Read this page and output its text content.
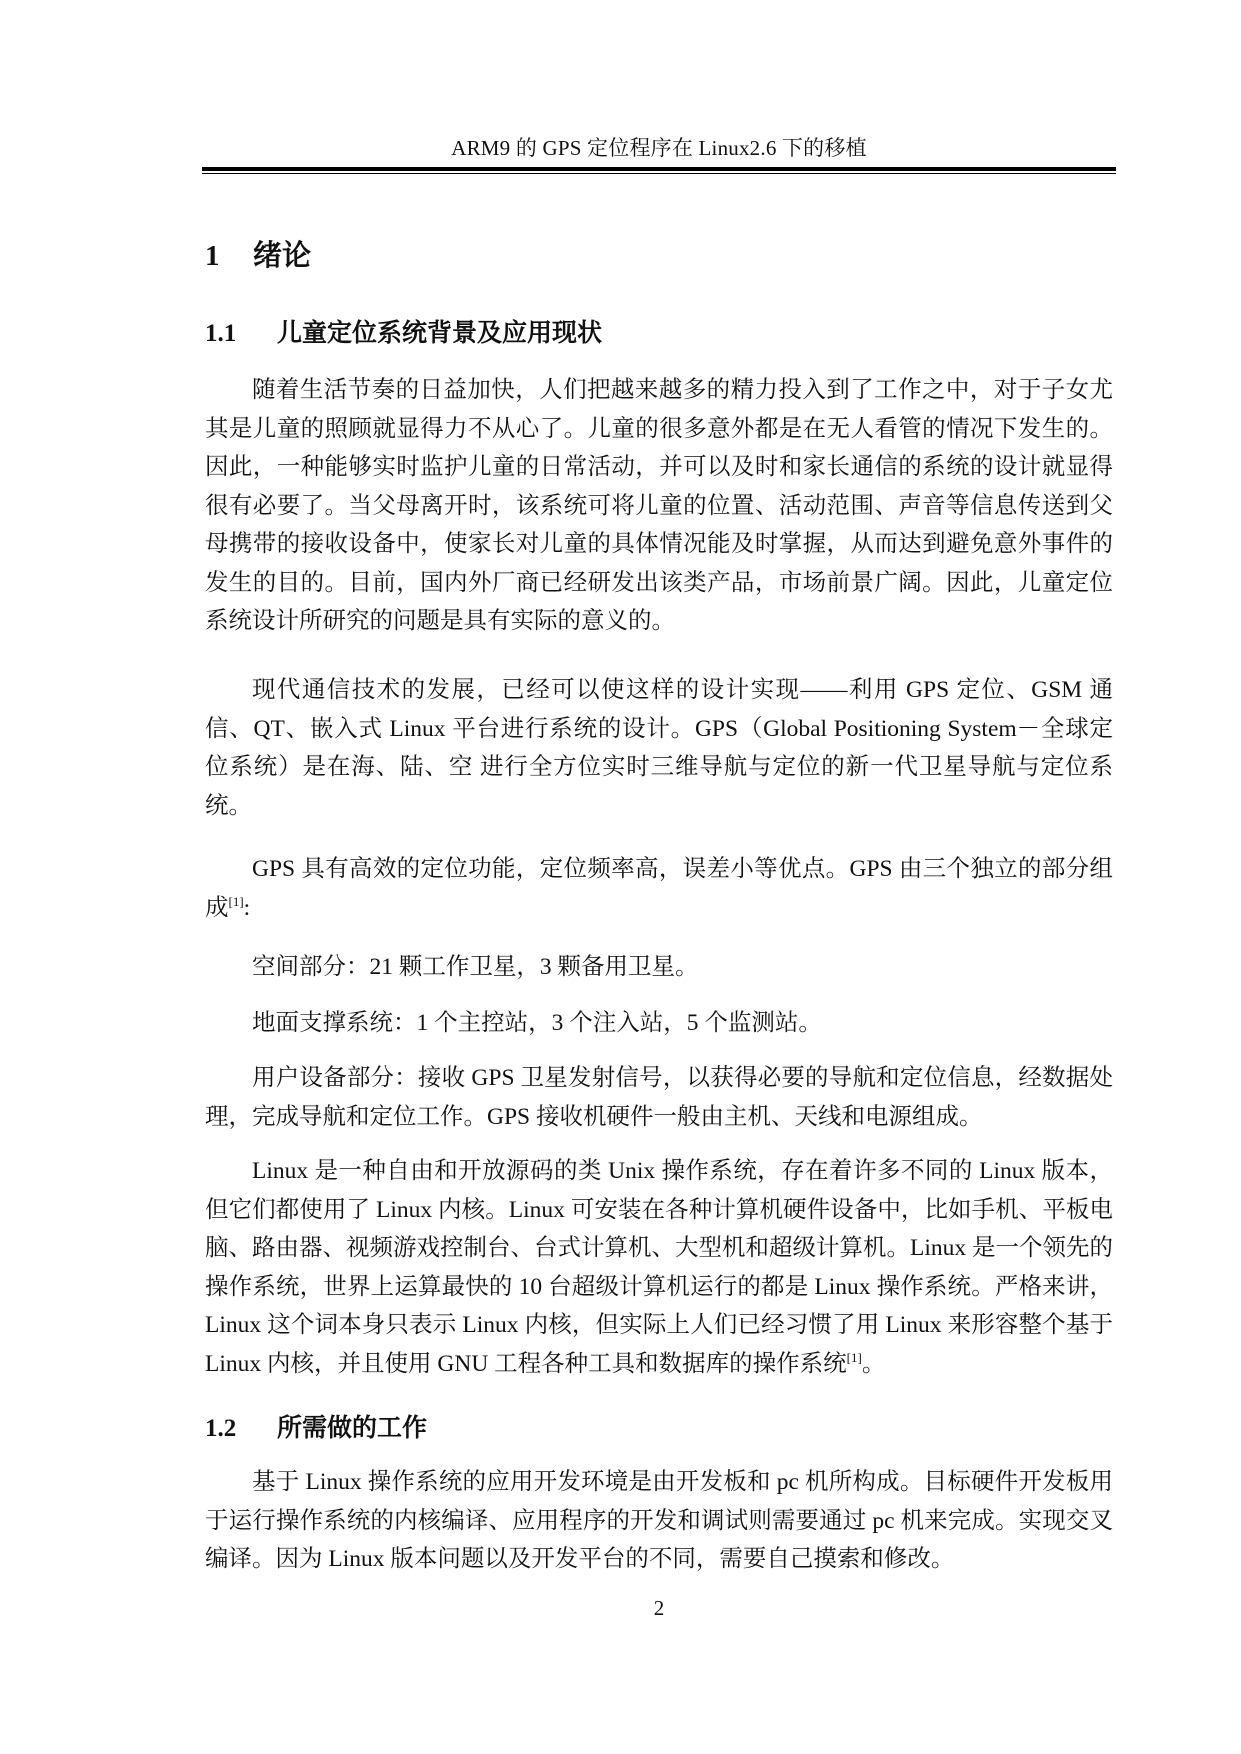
ARM9 的 GPS 定位程序在 Linux2.6 下的移植
1 绪论
1.1 儿童定位系统背景及应用现状

随着生活节奏的日益加快，人们把越来越多的精力投入到了工作之中，对于子女尤其是儿童的照顾就显得力不从心了。儿童的很多意外都是在无人看管的情况下发生的。因此，一种能够实时监护儿童的日常活动，并可以及时和家长通信的系统的设计就显得很有必要了。当父母离开时，该系统可将儿童的位置、活动范围、声音等信息传送到父母携带的接收设备中，使家长对儿童的具体情况能及时掌握，从而达到避免意外事件的发生的目的。目前，国内外厂商已经研发出该类产品，市场前景广阔。因此，儿童定位系统设计所研究的问题是具有实际的意义的。

现代通信技术的发展，已经可以使这样的设计实现——利用 GPS 定位、GSM 通信、QT、嵌入式 Linux 平台进行系统的设计。GPS（Global Positioning System－全球定位系统）是在海、陆、空 进行全方位实时三维导航与定位的新一代卫星导航与定位系统。

GPS 具有高效的定位功能，定位频率高，误差小等优点。GPS 由三个独立的部分组成[1]:

空间部分：21 颗工作卫星，3 颗备用卫星。

地面支撑系统：1 个主控站，3 个注入站，5 个监测站。

用户设备部分：接收 GPS 卫星发射信号，以获得必要的导航和定位信息，经数据处理，完成导航和定位工作。GPS 接收机硬件一般由主机、天线和电源组成。

Linux 是一种自由和开放源码的类 Unix 操作系统，存在着许多不同的 Linux 版本，但它们都使用了 Linux 内核。Linux 可安装在各种计算机硬件设备中，比如手机、平板电脑、路由器、视频游戏控制台、台式计算机、大型机和超级计算机。Linux 是一个领先的操作系统，世界上运算最快的 10 台超级计算机运行的都是 Linux 操作系统。严格来讲，Linux 这个词本身只表示 Linux 内核，但实际上人们已经习惯了用 Linux 来形容整个基于 Linux 内核，并且使用 GNU 工程各种工具和数据库的操作系统[1]。

1.2 所需做的工作

基于 Linux 操作系统的应用开发环境是由开发板和 pc 机所构成。目标硬件开发板用于运行操作系统的内核编译、应用程序的开发和调试则需要通过 pc 机来完成。实现交叉编译。因为 Linux 版本问题以及开发平台的不同，需要自己摸索和修改。

2
